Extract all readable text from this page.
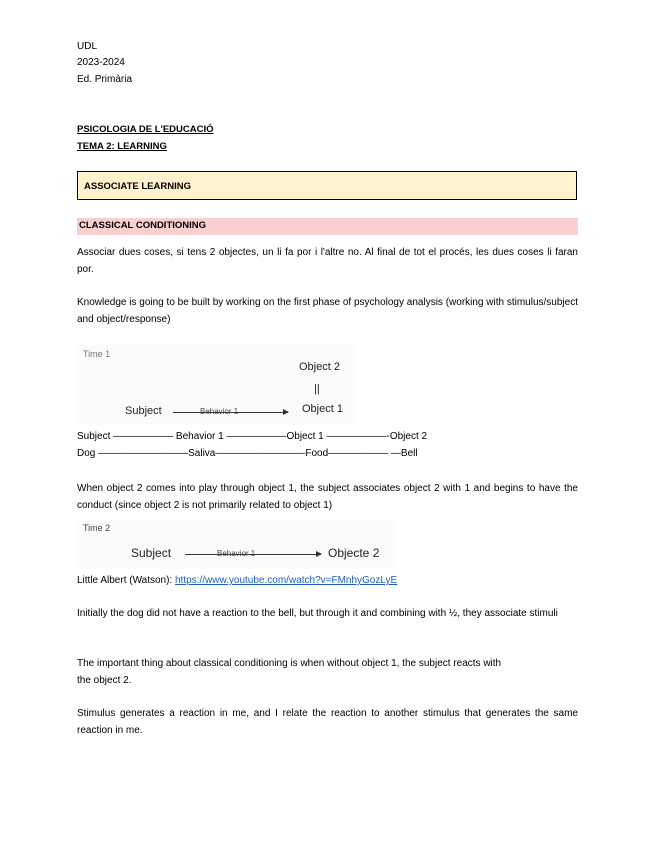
UDL
2023-2024
Ed. Primària
PSICOLOGIA DE L'EDUCACIÓ
TEMA 2: LEARNING
ASSOCIATE LEARNING
CLASSICAL CONDITIONING
Associar dues coses, si tens 2 objectes, un li fa por i l'altre no. Al final de tot el procés, les dues coses li faran por.
Knowledge is going to be built by working on the first phase of psychology analysis (working with stimulus/subject and object/response)
Time 1
Object 2
||
Subject	Behavior 1	Object 1
Subject —————— Behavior 1 ——————Object 1 ——————-Object 2
Dog —————————Saliva—————————Food—————— —Bell
When object 2 comes into play through object 1, the subject associates object 2 with 1 and begins to have the conduct (since object 2 is not primarily related to object 1)
Time 2
Subject	Behavior 1	Objecte 2
Little Albert (Watson): https://www.youtube.com/watch?v=FMnhyGozLyE
Initially the dog did not have a reaction to the bell, but through it and combining with ½, they associate stimuli
The important thing about classical conditioning is when without object 1, the subject reacts with
the object 2.
Stimulus generates a reaction in me, and I relate the reaction to another stimulus that generates the same reaction in me.
